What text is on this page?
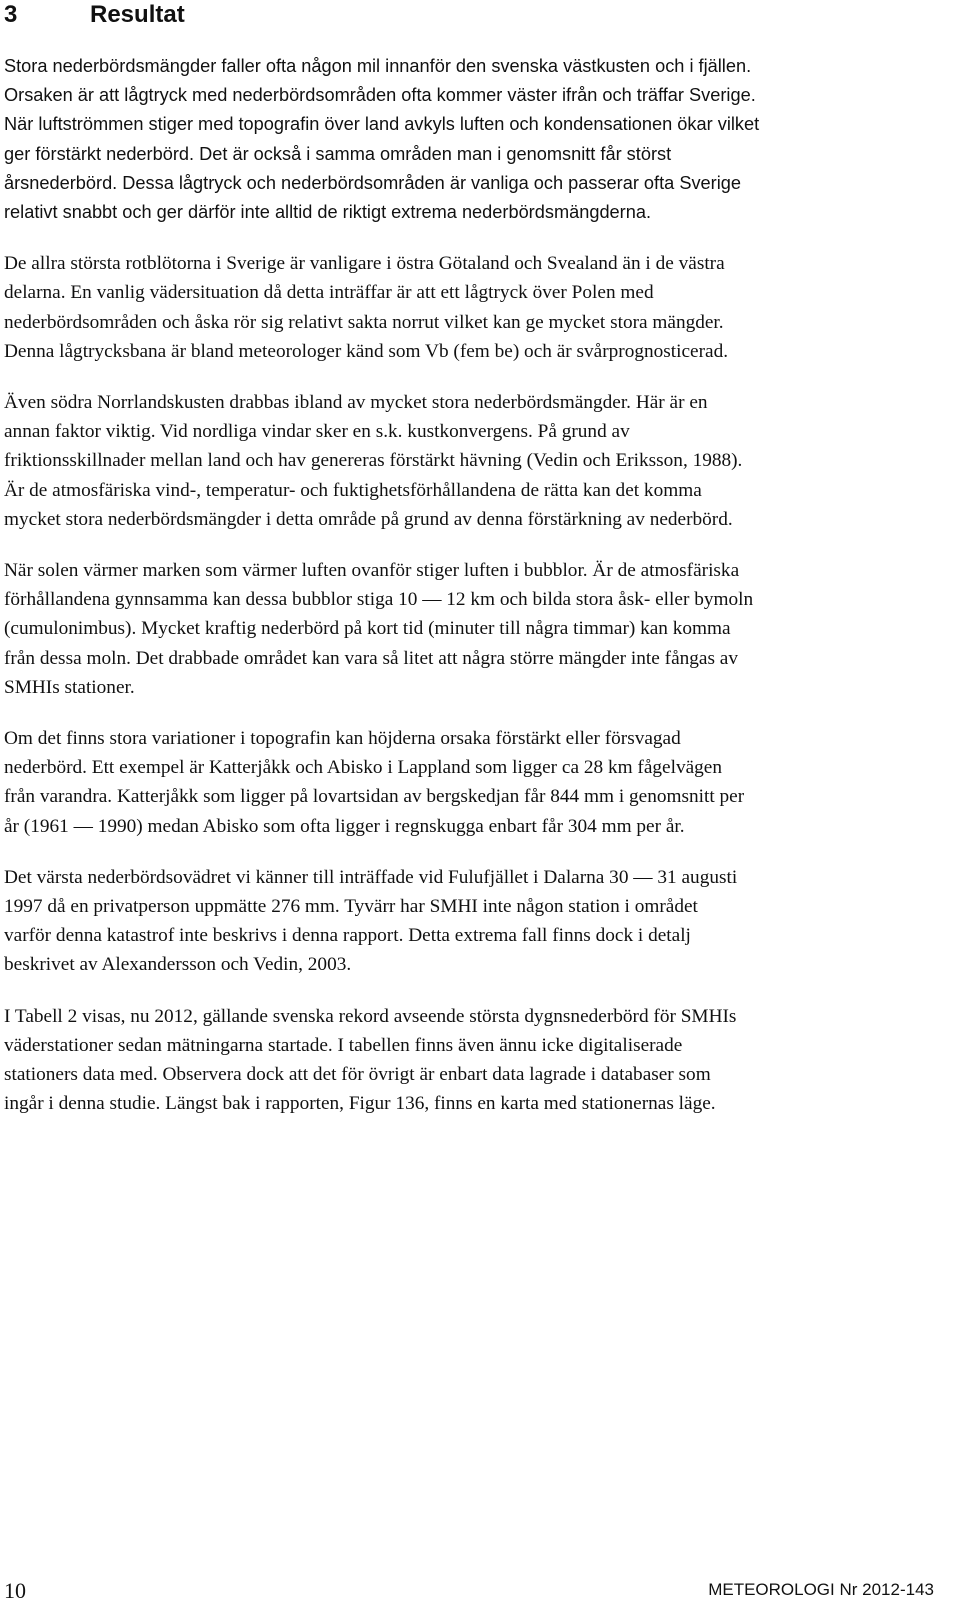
3	Resultat

Stora nederbördsmängder faller ofta någon mil innanför den svenska västkusten och i fjällen.
Orsaken är att lågtryck med nederbördsområden ofta kommer väster ifrån och träffar Sverige.
När luftströmmen stiger med topografin över land avkyls luften och kondensationen ökar vilket
ger förstärkt nederbörd. Det är också i samma områden man i genomsnitt får störst
årsnederbörd. Dessa lågtryck och nederbördsområden är vanliga och passerar ofta Sverige
relativt snabbt och ger därför inte alltid de riktigt extrema nederbördsmängderna.

De allra största rotblötorna i Sverige är vanligare i östra Götaland och Svealand än i de västra
delarna. En vanlig vädersituation då detta inträffar är att ett lågtryck över Polen med
nederbördsområden och åska rör sig relativt sakta norrut vilket kan ge mycket stora mängder.
Denna lågtrycksbana är bland meteorologer känd som Vb (fem be) och är svårprognosticerad.

Även södra Norrlandskusten drabbas ibland av mycket stora nederbördsmängder. Här är en
annan faktor viktig. Vid nordliga vindar sker en s.k. kustkonvergens. På grund av
friktionsskillnader mellan land och hav genereras förstärkt hävning (Vedin och Eriksson, 1988).
Är de atmosfäriska vind-, temperatur- och fuktighetsförhållandena de rätta kan det komma
mycket stora nederbördsmängder i detta område på grund av denna förstärkning av nederbörd.

När solen värmer marken som värmer luften ovanför stiger luften i bubblor. Är de atmosfäriska
förhållandena gynnsamma kan dessa bubblor stiga 10 — 12 km och bilda stora åsk- eller bymoln
(cumulonimbus). Mycket kraftig nederbörd på kort tid (minuter till några timmar) kan komma
från dessa moln. Det drabbade området kan vara så litet att några större mängder inte fångas av
SMHIs stationer.

Om det finns stora variationer i topografin kan höjderna orsaka förstärkt eller försvagad
nederbörd. Ett exempel är Katterjåkk och Abisko i Lappland som ligger ca 28 km fågelvägen
från varandra. Katterjåkk som ligger på lovartsidan av bergskedjan får 844 mm i genomsnitt per
år (1961 — 1990) medan Abisko som ofta ligger i regnskugga enbart får 304 mm per år.

Det värsta nederbördsovädret vi känner till inträffade vid Fulufjället i Dalarna 30 — 31 augusti
1997 då en privatperson uppmätte 276 mm. Tyvärr har SMHI inte någon station i området
varför denna katastrof inte beskrivs i denna rapport. Detta extrema fall finns dock i detalj
beskrivet av Alexandersson och Vedin, 2003.

I Tabell 2 visas, nu 2012, gällande svenska rekord avseende största dygnsnederbörd för SMHIs
väderstationer sedan mätningarna startade. I tabellen finns även ännu icke digitaliserade
stationers data med. Observera dock att det för övrigt är enbart data lagrade i databaser som
ingår i denna studie. Längst bak i rapporten, Figur 136, finns en karta med stationernas läge.

10	METEOROLOGI Nr 2012-143
